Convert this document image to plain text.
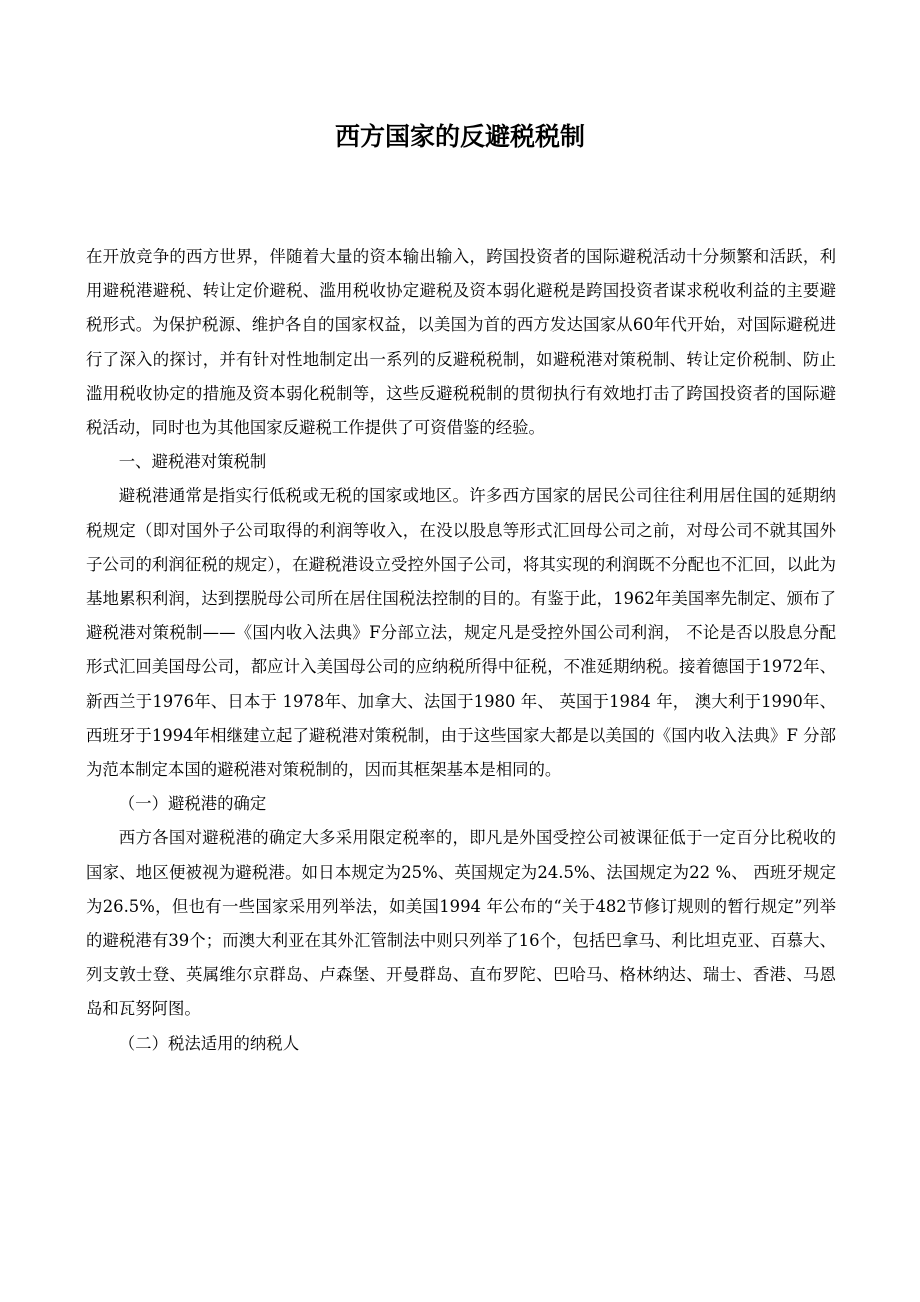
西方国家的反避税税制

在开放竞争的西方世界，伴随着大量的资本输出输入，跨国投资者的国际避税活动十分频繁和活跃，利用避税港避税、转让定价避税、滥用税收协定避税及资本弱化避税是跨国投资者谋求税收利益的主要避税形式。为保护税源、维护各自的国家权益，以美国为首的西方发达国家从60年代开始，对国际避税进行了深入的探讨，并有针对性地制定出一系列的反避税税制，如避税港对策税制、转让定价税制、防止滥用税收协定的措施及资本弱化税制等，这些反避税税制的贯彻执行有效地打击了跨国投资者的国际避税活动，同时也为其他国家反避税工作提供了可资借鉴的经验。

一、避税港对策税制

避税港通常是指实行低税或无税的国家或地区。许多西方国家的居民公司往往利用居住国的延期纳税规定（即对国外子公司取得的利润等收入，在没以股息等形式汇回母公司之前，对母公司不就其国外子公司的利润征税的规定），在避税港设立受控外国子公司，将其实现的利润既不分配也不汇回，以此为基地累积利润，达到摆脱母公司所在居住国税法控制的目的。有鉴于此，1962年美国率先制定、颁布了避税港对策税制——《国内收入法典》F分部立法，规定凡是受控外国公司利润， 不论是否以股息分配形式汇回美国母公司，都应计入美国母公司的应纳税所得中征税，不准延期纳税。接着德国于1972年、新西兰于1976年、日本于 1978年、加拿大、法国于1980 年、 英国于1984 年， 澳大利于1990年、西班牙于1994年相继建立起了避税港对策税制，由于这些国家大都是以美国的《国内收入法典》F 分部为范本制定本国的避税港对策税制的，因而其框架基本是相同的。

（一）避税港的确定

西方各国对避税港的确定大多采用限定税率的，即凡是外国受控公司被课征低于一定百分比税收的国家、地区便被视为避税港。如日本规定为25%、英国规定为24.5%、法国规定为22 %、 西班牙规定为26.5%，但也有一些国家采用列举法，如美国1994 年公布的“关于482节修订规则的暂行规定”列举的避税港有39个；而澳大利亚在其外汇管制法中则只列举了16个，包括巴拿马、利比坦克亚、百慕大、列支敦士登、英属维尔京群岛、卢森堡、开曼群岛、直布罗陀、巴哈马、格林纳达、瑞士、香港、马恩岛和瓦努阿图。

（二）税法适用的纳税人
